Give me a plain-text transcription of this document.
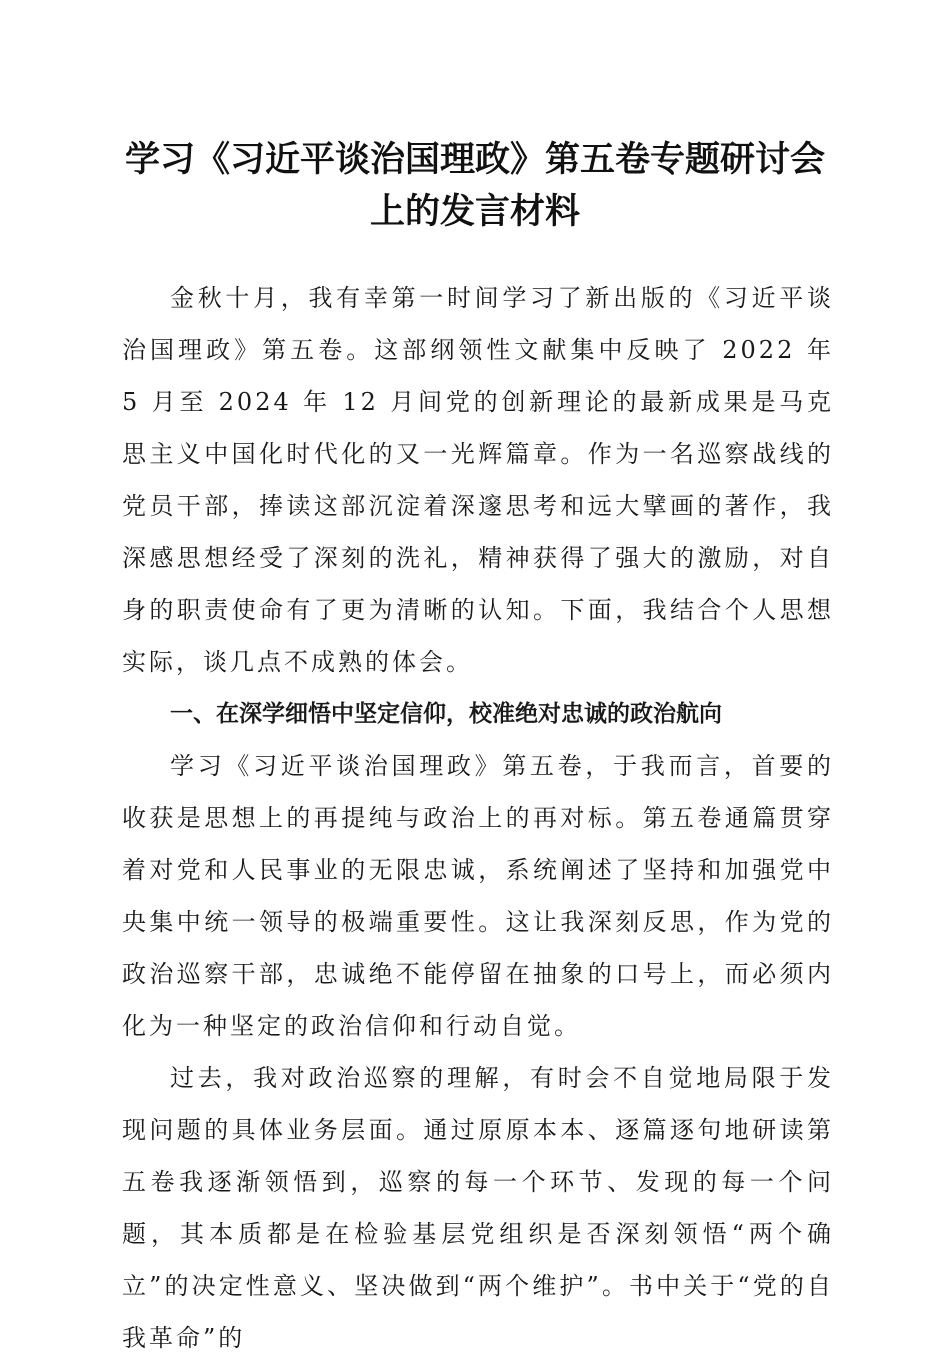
学习《习近平谈治国理政》第五卷专题研讨会
上的发言材料

金秋十月，我有幸第一时间学习了新出版的《习近平谈治国理政》第五卷。这部纲领性文献集中反映了 2022 年 5 月至 2024 年 12 月间党的创新理论的最新成果是马克思主义中国化时代化的又一光辉篇章。作为一名巡察战线的党员干部，捧读这部沉淀着深邃思考和远大擘画的著作，我深感思想经受了深刻的洗礼，精神获得了强大的激励，对自身的职责使命有了更为清晰的认知。下面，我结合个人思想实际，谈几点不成熟的体会。

一、在深学细悟中坚定信仰，校准绝对忠诚的政治航向

学习《习近平谈治国理政》第五卷，于我而言，首要的收获是思想上的再提纯与政治上的再对标。第五卷通篇贯穿着对党和人民事业的无限忠诚，系统阐述了坚持和加强党中央集中统一领导的极端重要性。这让我深刻反思，作为党的政治巡察干部，忠诚绝不能停留在抽象的口号上，而必须内化为一种坚定的政治信仰和行动自觉。

过去，我对政治巡察的理解，有时会不自觉地局限于发现问题的具体业务层面。通过原原本本、逐篇逐句地研读第五卷我逐渐领悟到，巡察的每一个环节、发现的每一个问题，其本质都是在检验基层党组织是否深刻领悟“两个确立”的决定性意义、坚决做到“两个维护”。书中关于“党的自我革命”的
